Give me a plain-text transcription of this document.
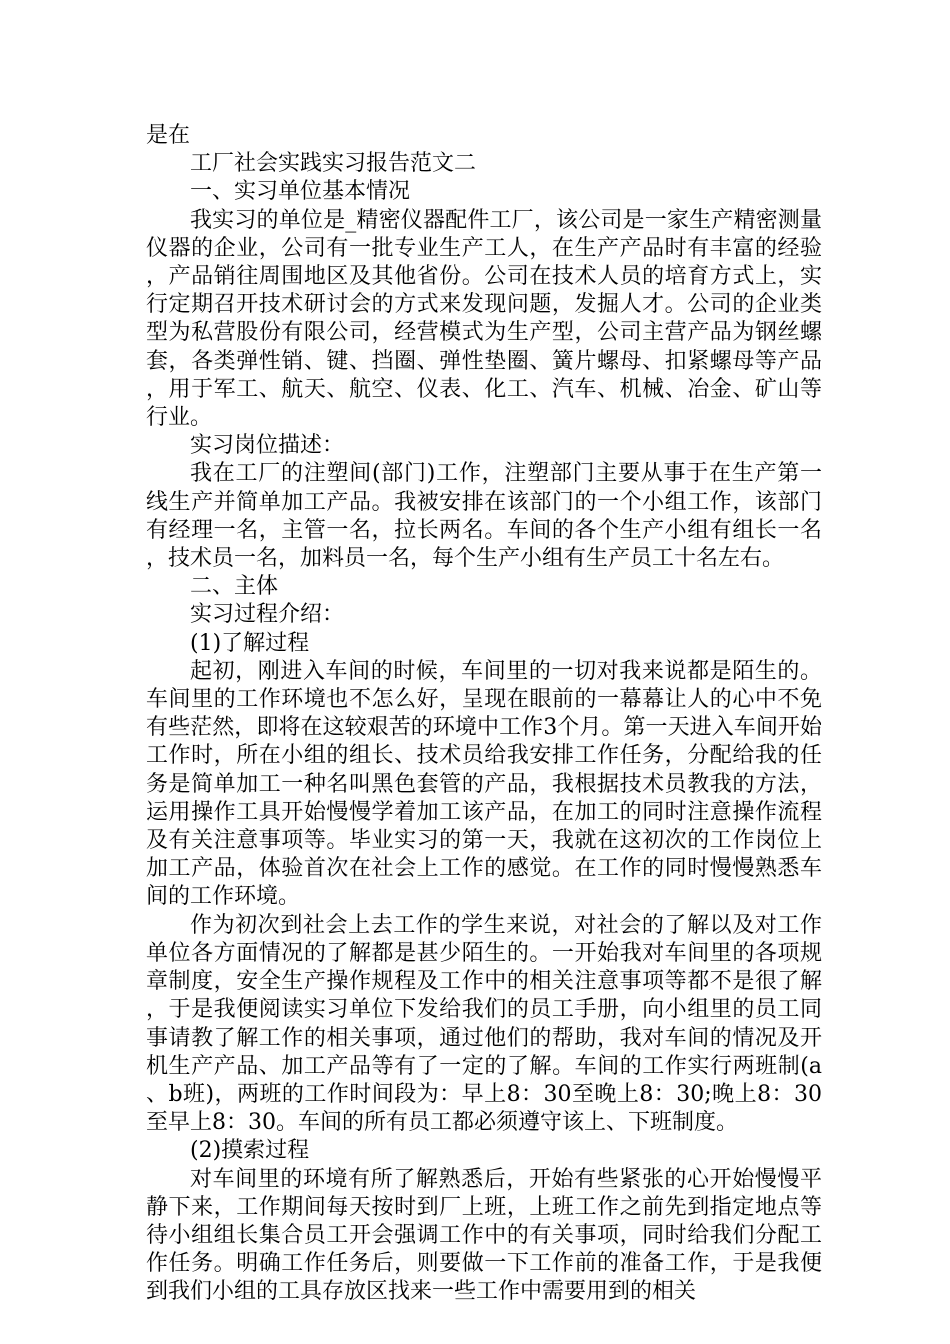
是在

工厂社会实践实习报告范文二

一、实习单位基本情况

我实习的单位是_精密仪器配件工厂，该公司是一家生产精密测量仪器的企业，公司有一批专业生产工人，在生产产品时有丰富的经验，产品销往周围地区及其他省份。公司在技术人员的培育方式上，实行定期召开技术研讨会的方式来发现问题，发掘人才。公司的企业类型为私营股份有限公司，经营模式为生产型，公司主营产品为钢丝螺套，各类弹性销、键、挡圈、弹性垫圈、簧片螺母、扣紧螺母等产品，用于军工、航天、航空、仪表、化工、汽车、机械、冶金、矿山等行业。

实习岗位描述：

我在工厂的注塑间(部门)工作，注塑部门主要从事于在生产第一线生产并简单加工产品。我被安排在该部门的一个小组工作，该部门有经理一名，主管一名，拉长两名。车间的各个生产小组有组长一名，技术员一名，加料员一名，每个生产小组有生产员工十名左右。

二、主体

实习过程介绍：

(1)了解过程

起初，刚进入车间的时候，车间里的一切对我来说都是陌生的。车间里的工作环境也不怎么好，呈现在眼前的一幕幕让人的心中不免有些茫然，即将在这较艰苦的环境中工作3个月。第一天进入车间开始工作时，所在小组的组长、技术员给我安排工作任务，分配给我的任务是简单加工一种名叫黑色套管的产品，我根据技术员教我的方法，运用操作工具开始慢慢学着加工该产品，在加工的同时注意操作流程及有关注意事项等。毕业实习的第一天，我就在这初次的工作岗位上加工产品，体验首次在社会上工作的感觉。在工作的同时慢慢熟悉车间的工作环境。

作为初次到社会上去工作的学生来说，对社会的了解以及对工作单位各方面情况的了解都是甚少陌生的。一开始我对车间里的各项规章制度，安全生产操作规程及工作中的相关注意事项等都不是很了解，于是我便阅读实习单位下发给我们的员工手册，向小组里的员工同事请教了解工作的相关事项，通过他们的帮助，我对车间的情况及开机生产产品、加工产品等有了一定的了解。车间的工作实行两班制(a、b班)，两班的工作时间段为：早上8：30至晚上8：30;晚上8：30至早上8：30。车间的所有员工都必须遵守该上、下班制度。

(2)摸索过程

对车间里的环境有所了解熟悉后，开始有些紧张的心开始慢慢平静下来，工作期间每天按时到厂上班，上班工作之前先到指定地点等待小组组长集合员工开会强调工作中的有关事项，同时给我们分配工作任务。明确工作任务后，则要做一下工作前的准备工作，于是我便到我们小组的工具存放区找来一些工作中需要用到的相关
